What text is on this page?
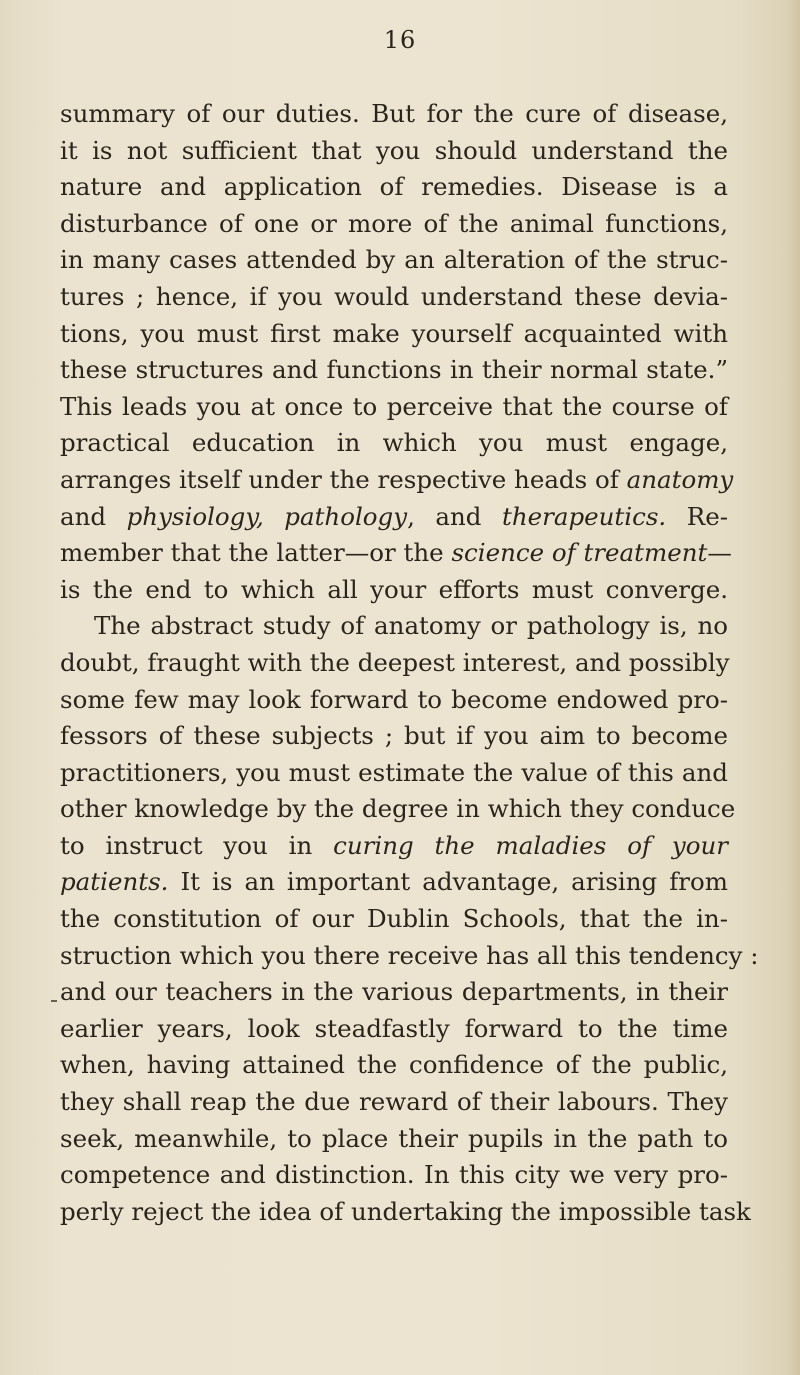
16
summary of our duties. But for the cure of disease,
it is not sufficient that you should understand the
nature and application of remedies. Disease is a
disturbance of one or more of the animal functions,
in many cases attended by an alteration of the struc-
tures ; hence, if you would understand these devia-
tions, you must first make yourself acquainted with
these structures and functions in their normal state.”
This leads you at once to perceive that the course of
practical education in which you must engage,
arranges itself under the respective heads of anatomy
and physiology, pathology, and therapeutics. Re-
member that the latter—or the science of treatment—
is the end to which all your efforts must converge.
The abstract study of anatomy or pathology is, no
doubt, fraught with the deepest interest, and possibly
some few may look forward to become endowed pro-
fessors of these subjects ; but if you aim to become
practitioners, you must estimate the value of this and
other knowledge by the degree in which they conduce
to instruct you in curing the maladies of your
patients. It is an important advantage, arising from
the constitution of our Dublin Schools, that the in-
struction which you there receive has all this tendency :
and our teachers in the various departments, in their
earlier years, look steadfastly forward to the time
when, having attained the confidence of the public,
they shall reap the due reward of their labours. They
seek, meanwhile, to place their pupils in the path to
competence and distinction. In this city we very pro-
perly reject the idea of undertaking the impossible task
